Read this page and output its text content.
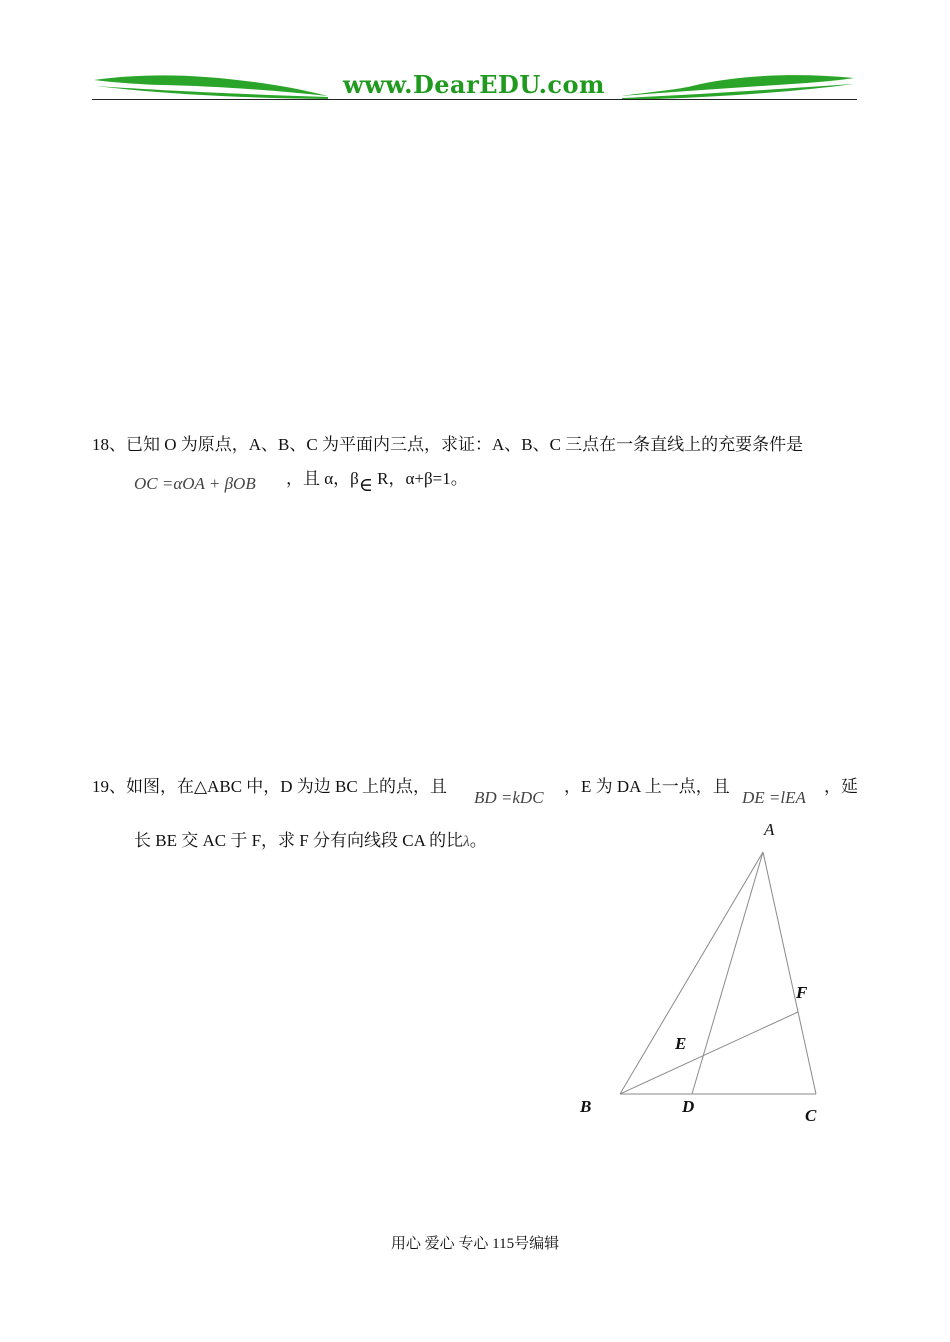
www.DearEDU.com
18、已知 O 为原点，A、B、C 为平面内三点，求证：A、B、C 三点在一条直线上的充要条件是
OC =αOA + βOB ，且 α，β∈ R，α+β=1。
19、如图，在△ABC 中，D 为边 BC 上的点，且
BD =kDC
，E 为 DA 上一点，且
DE =lEA
，延
长 BE 交 AC 于 F，求 F 分有向线段 CA 的比λ。
A
B	C
D
E
F
用心 爱心 专心 115号编辑
